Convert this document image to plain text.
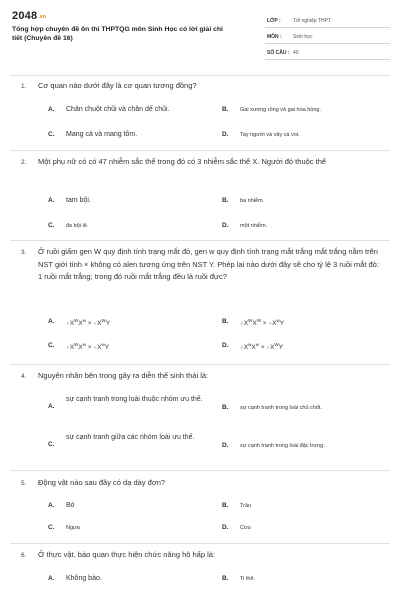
2048.vn
Tổng hợp chuyên đề ôn thi THPTQG môn Sinh Học có lời giải chi tiết (Chuyên đề 16)
LỚP : Tốt nghiệp THPT
MÔN : Sinh học
SỐ CÂU : 40
1. Cơ quan nào dưới đây là cơ quan tương đồng?
A. Chân chuột chũi và chân dế chũi.	B. Gai xương rồng và gai hoa hồng.
C. Mang cá và mang tôm.	D. Tay người và vây cá voi.
2. Một phụ nữ có có 47 nhiễm sắc thể trong đó có 3 nhiễm sắc thể X. Người đó thuộc thể
A. tam bội.	B. ba nhiễm.
C. đa bội lẻ.	D. một nhiễm.
3. Ở ruồi giấm gen W quy định tính trạng mắt đỏ, gen w quy định tính trạng mắt trắng mắt trắng nằm trên NST giới tính × không có alen tương ứng trên NST Y. Phép lai nào dưới đây sẽ cho tỷ lệ 3 ruồi mắt đỏ: 1 ruồi mắt trắng; trong đó ruồi mắt trắng đều là ruồi đực?
A. $♀X^WX^w$ × $♂X^WY$	B. $♀X^WX^W$ × $♂X^wY$
C. $♀X^WX^w$ × $♂X^wY$	D. $♀X^wX^w$ × $♂X^WY$
4. Nguyên nhân bên trong gây ra diễn thế sinh thái là:
A.
sự cạnh tranh trong loài thuộc nhóm ưu thế.
B. sự cạnh tranh trong loài chủ chốt.
C.
sự cạnh tranh giữa các nhóm loài ưu thế.
D. sự cạnh tranh trong loài đặc trưng.
5. Động vật nào sau đây có dạ dày đơn?
A. Bò	B. Trâu
C. Ngựa	D. Cừu
6. Ở thực vật, bào quan thực hiện chức năng hô hấp là:
A. Không bào.	B. Ti thể.
